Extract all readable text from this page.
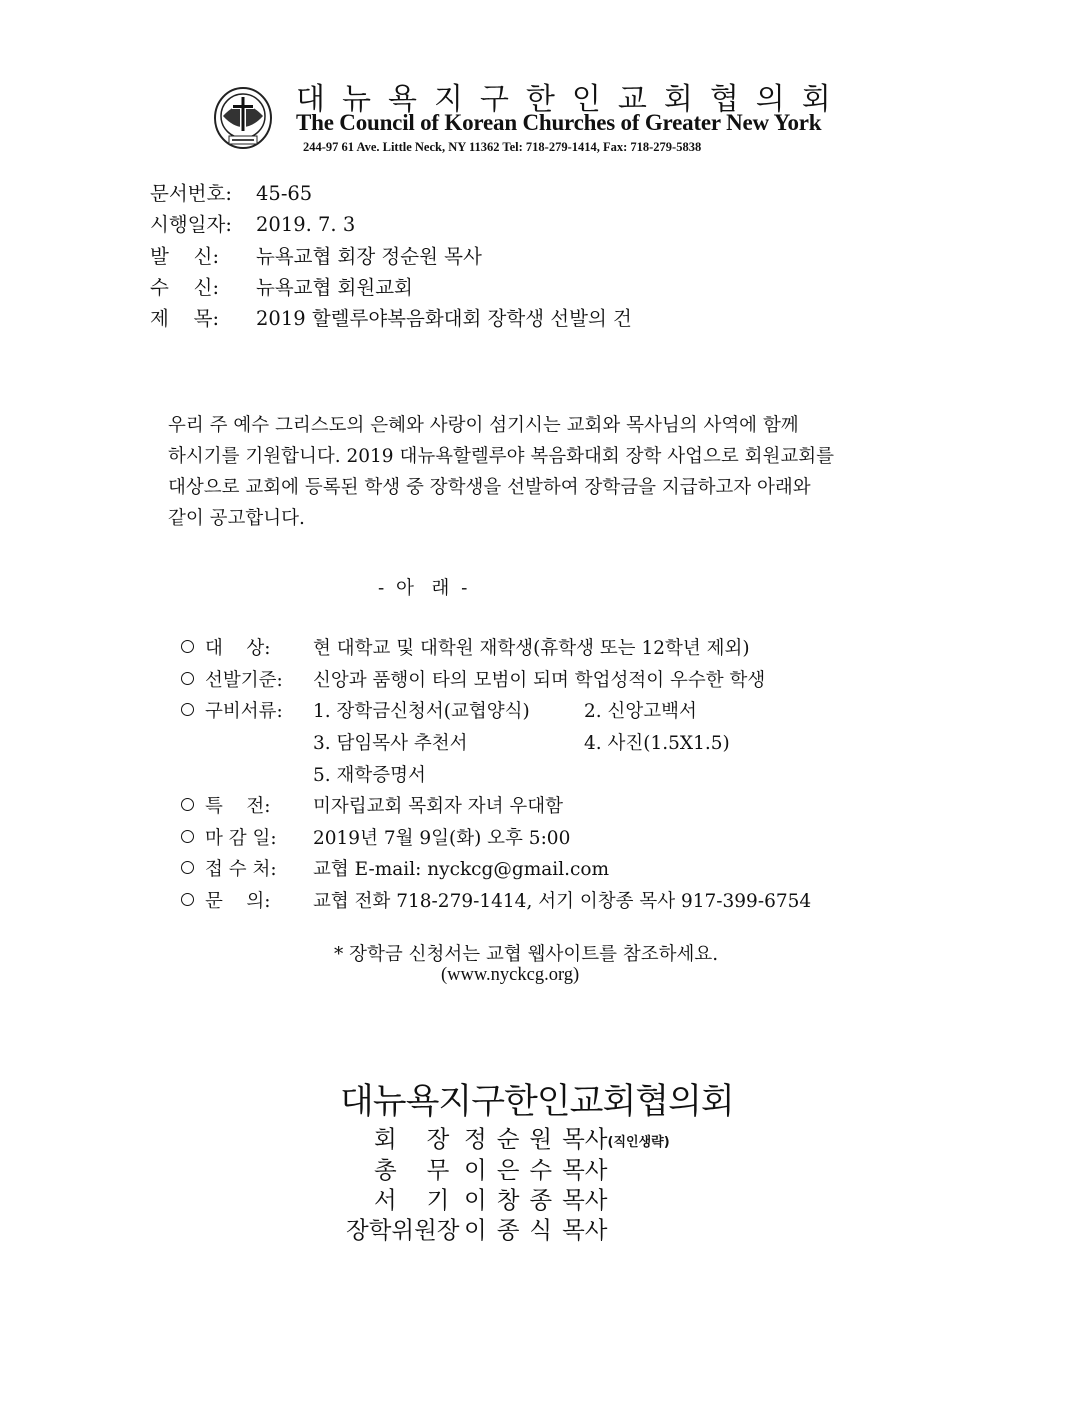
대뉴욕지구한인교회협의회
The Council of Korean Churches of Greater New York
244-97 61 Ave. Little Neck, NY 11362 Tel: 718-279-1414, Fax: 718-279-5838
문서번호: 45-65
시행일자: 2019. 7. 3
발    신: 뉴욕교협 회장 정순원 목사
수    신: 뉴욕교협 회원교회
제    목: 2019 할렐루야복음화대회 장학생 선발의 건
우리 주 예수 그리스도의 은혜와 사랑이 섬기시는 교회와 목사님의 사역에 함께
하시기를 기원합니다. 2019 대뉴욕할렐루야 복음화대회 장학 사업으로 회원교회를
대상으로 교회에 등록된 학생 중 장학생을 선발하여 장학금을 지급하고자 아래와
같이 공고합니다.
-  아   래  -
대    상: 현 대학교 및 대학원 재학생(휴학생 또는 12학년 제외)
선발기준: 신앙과 품행이 타의 모범이 되며 학업성적이 우수한 학생
구비서류:	1. 장학금신청서(교협양식)	2. 신앙고백서
3. 담임목사 추천서	4. 사진(1.5X1.5)
5. 재학증명서
특    전: 미자립교회 목회자 자녀 우대함
마 감 일: 2019년 7월 9일(화) 오후 5:00
접 수 처: 교협 E-mail: nyckcg@gmail.com
문    의: 교협 전화 718-279-1414, 서기 이창종 목사 917-399-6754
* 장학금 신청서는 교협 웹사이트를 참조하세요.
(www.nyckcg.org)
대뉴욕지구한인교회협의회
회    장 정순원목사(직인생략)
총    무 이은수목사
서    기 이창종목사
장학위원장 이종식목사
